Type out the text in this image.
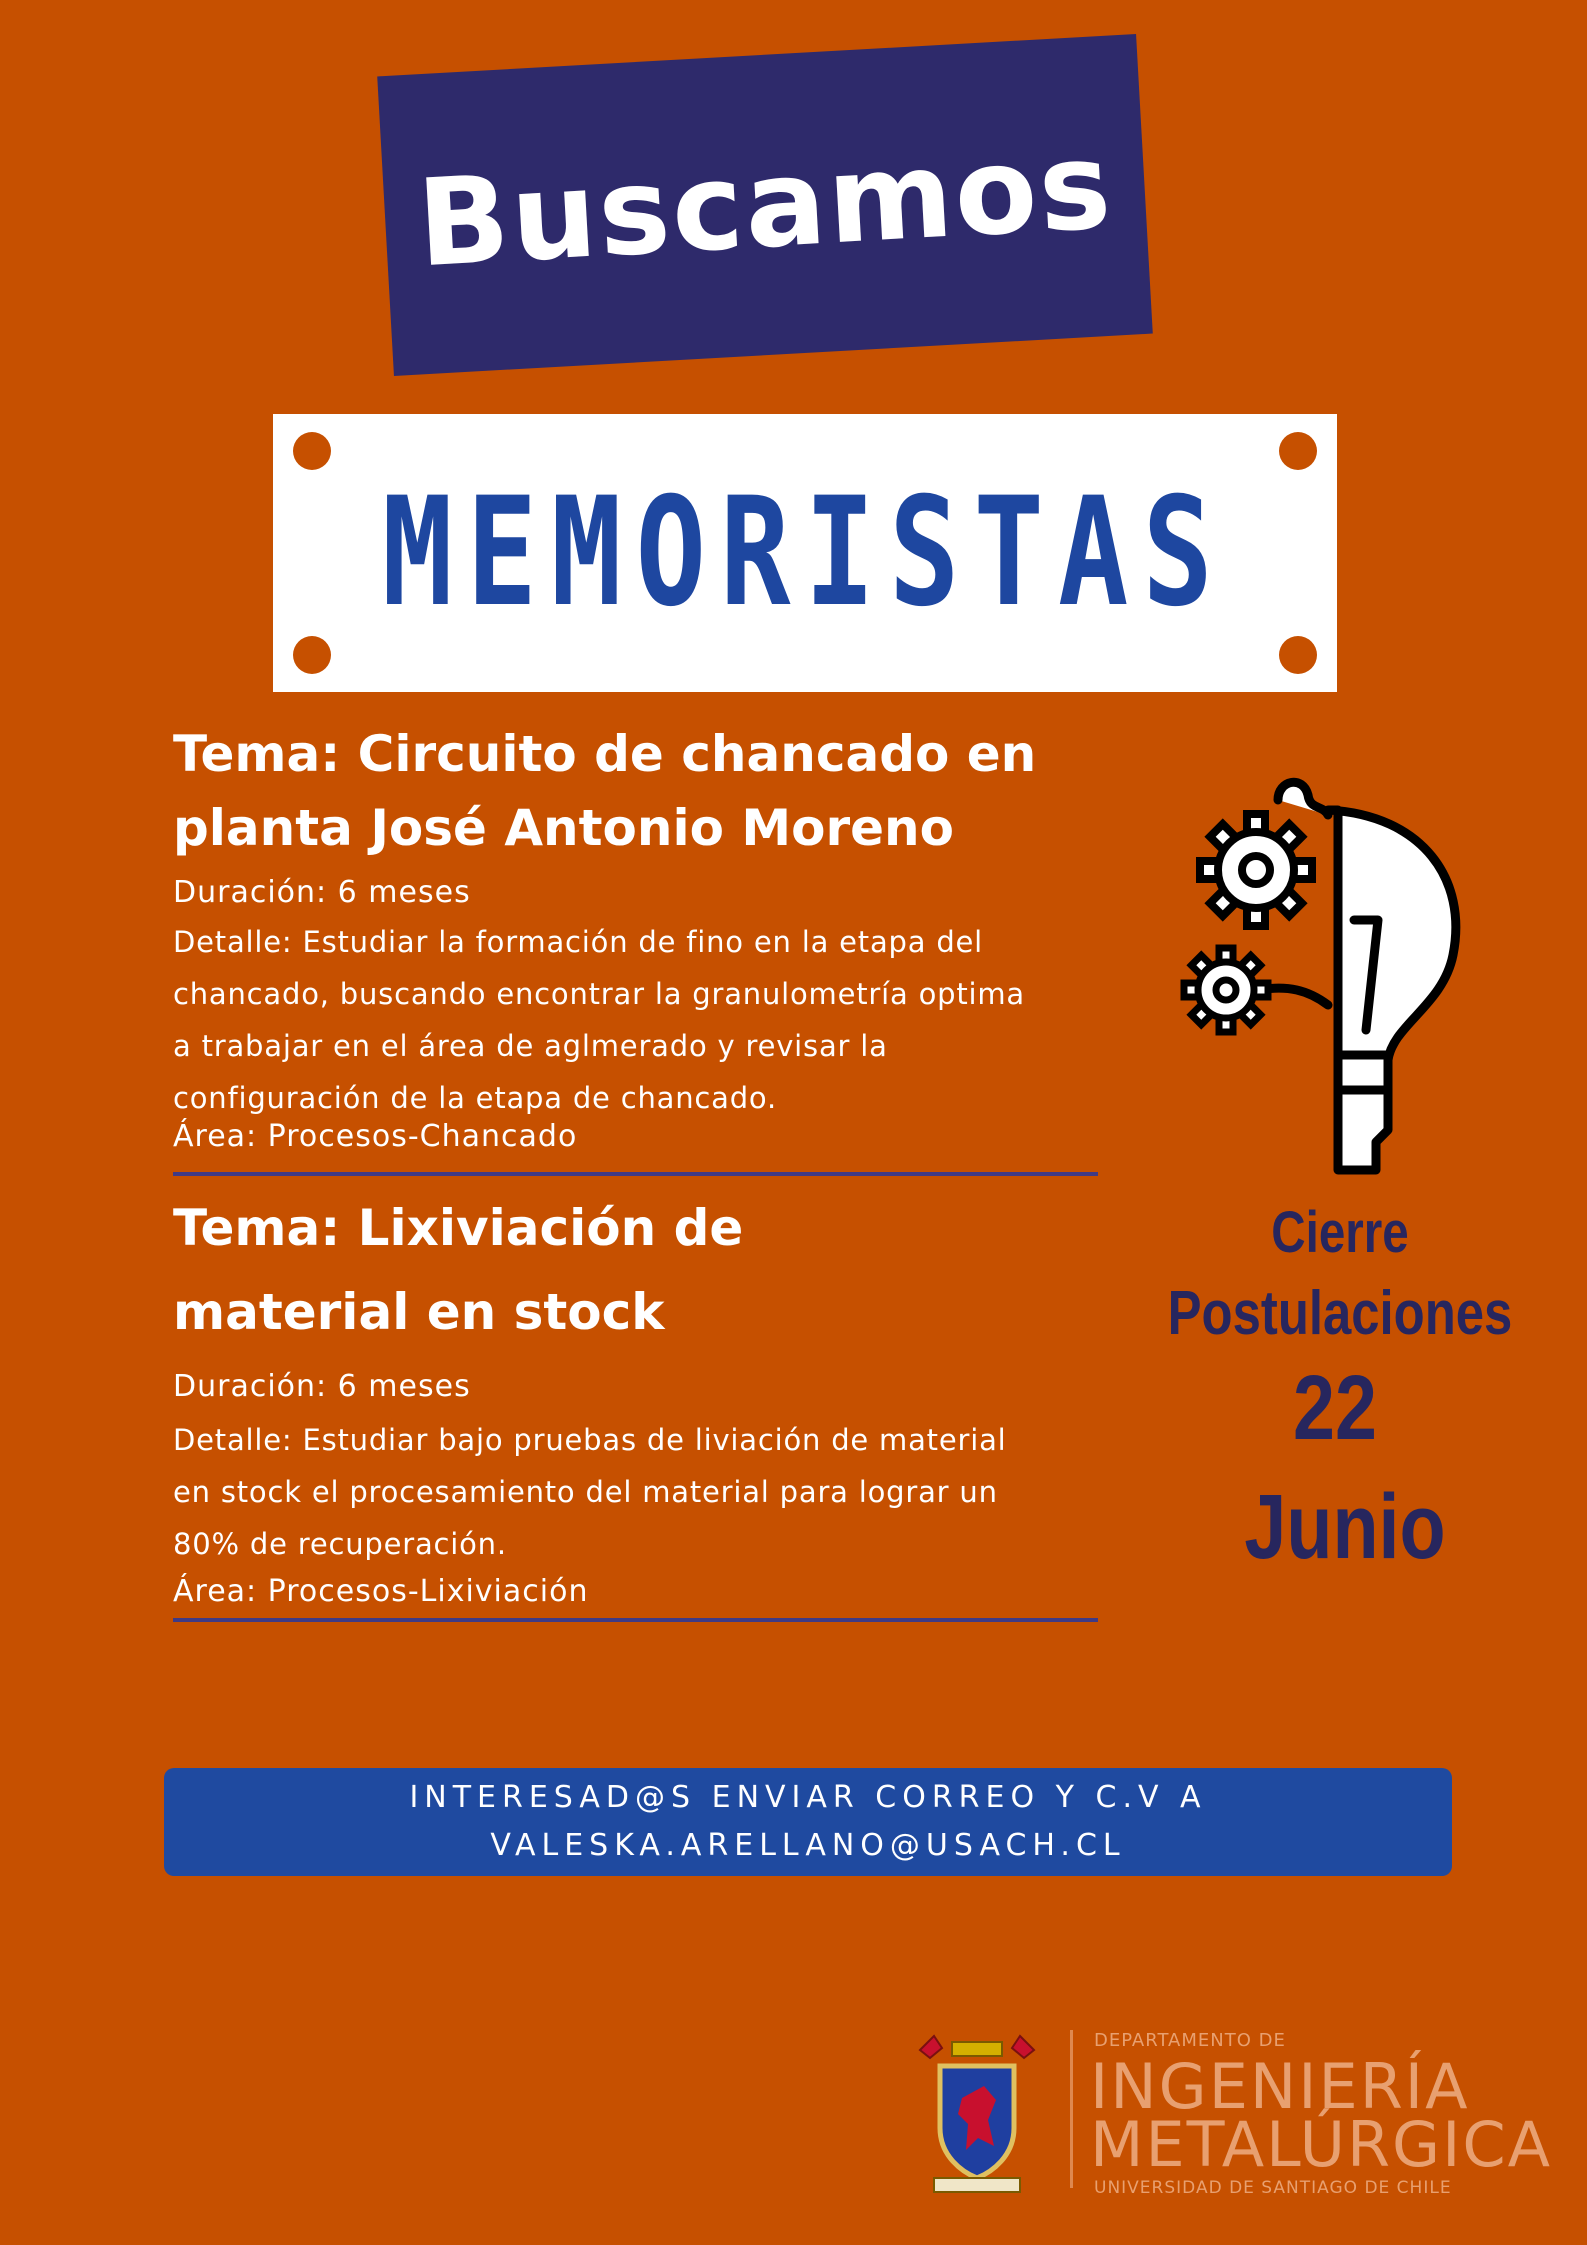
Buscamos
MEMORISTAS
Tema: Circuito de chancado en
planta José Antonio Moreno
Duración: 6 meses
Detalle: Estudiar la formación de fino en la etapa del
chancado, buscando encontrar la granulometría optima
a trabajar en el área de aglmerado y revisar la
configuración de la etapa de chancado.
Área: Procesos-Chancado
Tema: Lixiviación de
material en stock
Duración: 6 meses
Detalle: Estudiar bajo pruebas de liviación de material
en stock el procesamiento del material para lograr un
80% de recuperación.
Área: Procesos-Lixiviación
Cierre
Postulaciones
22
Junio
INTERESAD@S ENVIAR CORREO Y C.V A
VALESKA.ARELLANO@USACH.CL
DEPARTAMENTO DE
INGENIERÍA
METALÚRGICA
UNIVERSIDAD DE SANTIAGO DE CHILE
